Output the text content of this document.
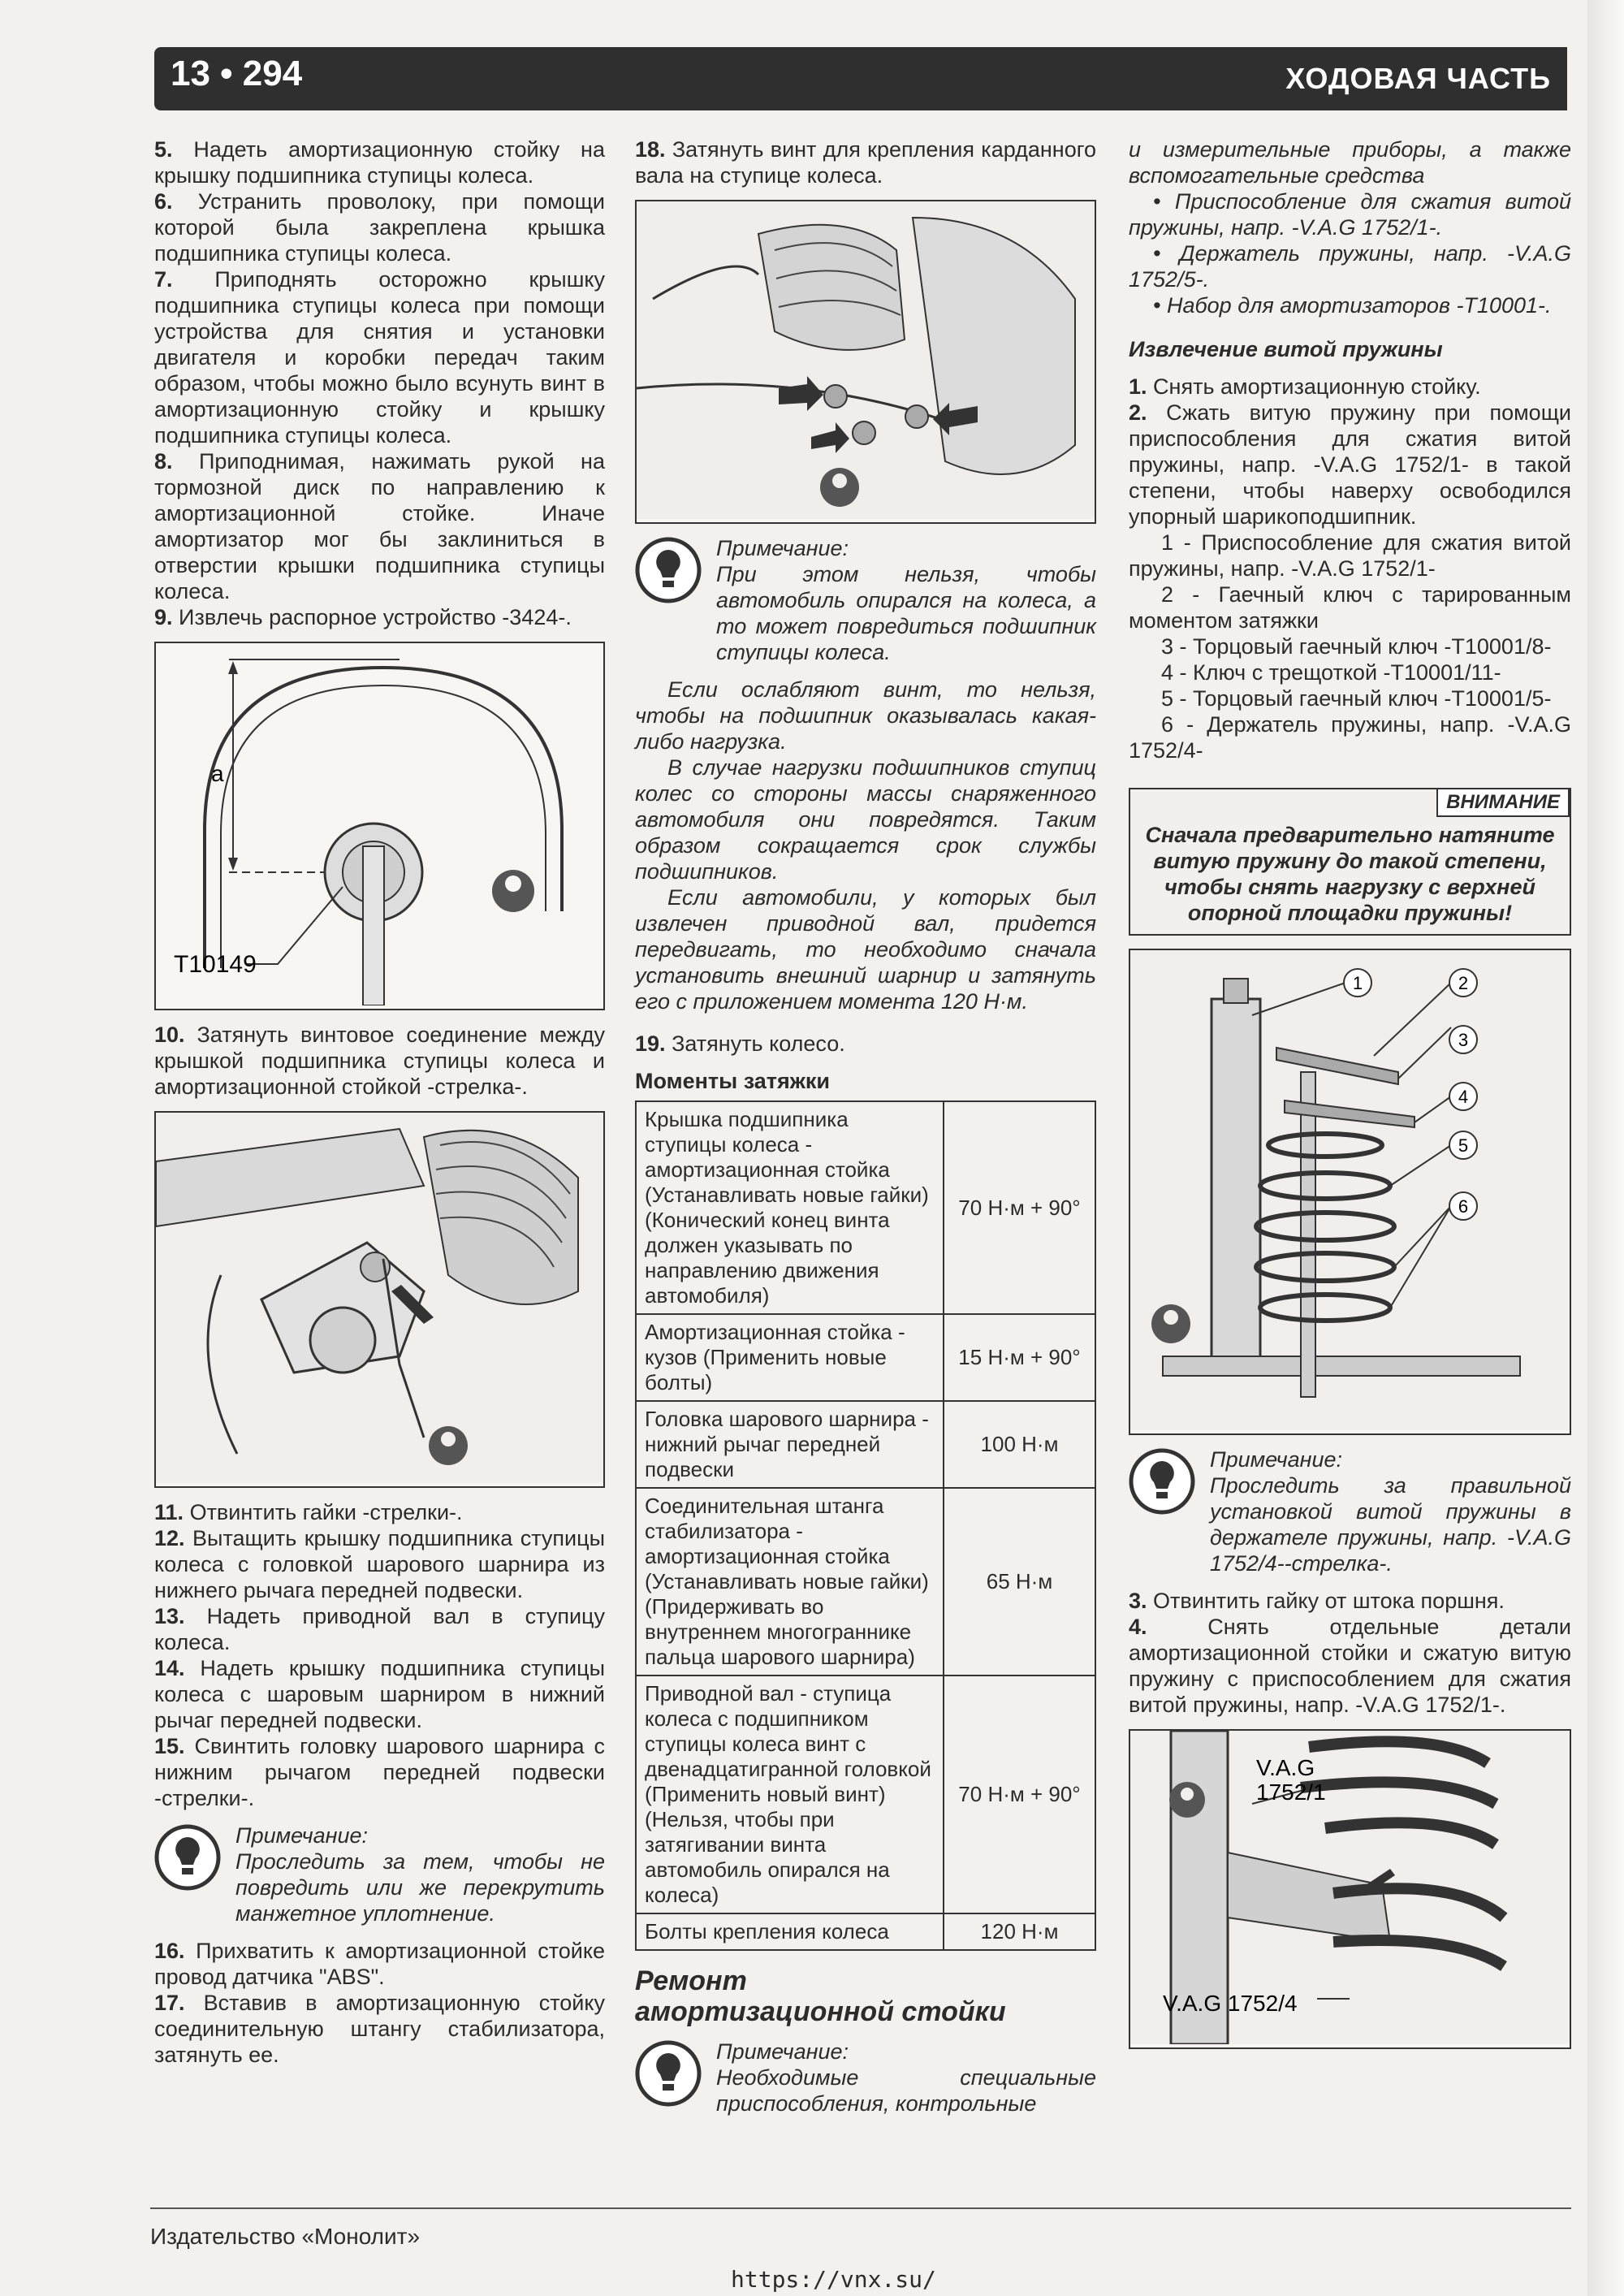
13 • 294	ХОДОВАЯ ЧАСТЬ

5. Надеть амортизационную стойку на крышку подшипника ступицы колеса.

6. Устранить проволоку, при помощи которой была закреплена крышка подшипника ступицы колеса.

7. Приподнять осторожно крышку подшипника ступицы колеса при помощи устройства для снятия и установки двигателя и коробки передач таким образом, чтобы можно было всунуть винт в амортизационную стойку и крышку подшипника ступицы колеса.

8. Приподнимая, нажимать рукой на тормозной диск по направлению к амортизационной стойке. Иначе амортизатор мог бы заклиниться в отверстии крышки подшипника ступицы колеса.

9. Извлечь распорное устройство -3424-.

a
T10149

10. Затянуть винтовое соединение между крышкой подшипника ступицы колеса и амортизационной стойкой -стрелка-.

11. Отвинтить гайки -стрелки-.

12. Вытащить крышку подшипника ступицы колеса с головкой шарового шарнира из нижнего рычага передней подвески.

13. Надеть приводной вал в ступицу колеса.

14. Надеть крышку подшипника ступицы колеса с шаровым шарниром в нижний рычаг передней подвески.

15. Свинтить головку шарового шарнира с нижним рычагом передней подвески -стрелки-.

Примечание:

Проследить за тем, чтобы не повредить или же перекрутить манжетное уплотнение.

16. Прихватить к амортизационной стойке провод датчика "ABS".

17. Вставив в амортизационную стойку соединительную штангу стабилизатора, затянуть ее.

18. Затянуть винт для крепления карданного вала на ступице колеса.

Примечание:

При этом нельзя, чтобы автомобиль опирался на колеса, а то может повредиться подшипник ступицы колеса.

Если ослабляют винт, то нельзя, чтобы на подшипник оказывалась какая-либо нагрузка.

В случае нагрузки подшипников ступиц колес со стороны массы снаряженного автомобиля они повредятся. Таким образом сокращается срок службы подшипников.

Если автомобили, у которых был извлечен приводной вал, придется передвигать, то необходимо сначала установить внешний шарнир и затянуть его с приложением момента 120 Н·м.

19. Затянуть колесо.

Моменты затяжки

Крышка подшипника ступицы колеса - амортизационная стойка (Устанавливать новые гайки) (Конический конец винта должен указывать по направлению движения автомобиля)	70 Н·м + 90°
Амортизационная стойка - кузов (Применить новые болты)	15 Н·м + 90°
Головка шарового шарнира - нижний рычаг передней подвески	100 Н·м
Соединительная штанга стабилизатора - амортизационная стойка (Устанавливать новые гайки) (Придерживать во внутреннем многограннике пальца шарового шарнира)	65 Н·м
Приводной вал - ступица колеса с подшипником ступицы колеса винт с двенадцатигранной головкой (Применить новый винт) (Нельзя, чтобы при затягивании винта автомобиль опирался на колеса)	70 Н·м + 90°
Болты крепления колеса	120 Н·м
Ремонт
амортизационной стойки

Примечание:

Необходимые специальные приспособления, контрольные

и измерительные приборы, а также вспомогательные средства

• Приспособление для сжатия витой пружины, напр. -V.A.G 1752/1-.

• Держатель пружины, напр. -V.A.G 1752/5-.

• Набор для амортизаторов -T10001-.

Извлечение витой пружины

1. Снять амортизационную стойку.

2. Сжать витую пружину при помощи приспособления для сжатия витой пружины, напр. -V.A.G 1752/1- в такой степени, чтобы наверху освободился упорный шарикоподшипник.

1 - Приспособление для сжатия витой пружины, напр. -V.A.G 1752/1-

2 - Гаечный ключ с тарированным моментом затяжки

3 - Торцовый гаечный ключ -T10001/8-

4 - Ключ с трещоткой -T10001/11-

5 - Торцовый гаечный ключ -T10001/5-

6 - Держатель пружины, напр. -V.A.G 1752/4-

ВНИМАНИЕ

Сначала предварительно натяните витую пружину до такой степени, чтобы снять нагрузку с верхней опорной площадки пружины!

1	2
3
4
5
6

Примечание:

Проследить за правильной установкой витой пружины в держателе пружины, напр. -V.A.G 1752/4--стрелка-.

3. Отвинтить гайку от штока поршня.

4.	Снять отдельные детали амортизационной стойки и сжатую витую пружину с приспособлением для сжатия витой пружины, напр. -V.A.G 1752/1-.

V.A.G
1752/1
V.A.G 1752/4
Издательство «Монолит»
https://vnx.su/
